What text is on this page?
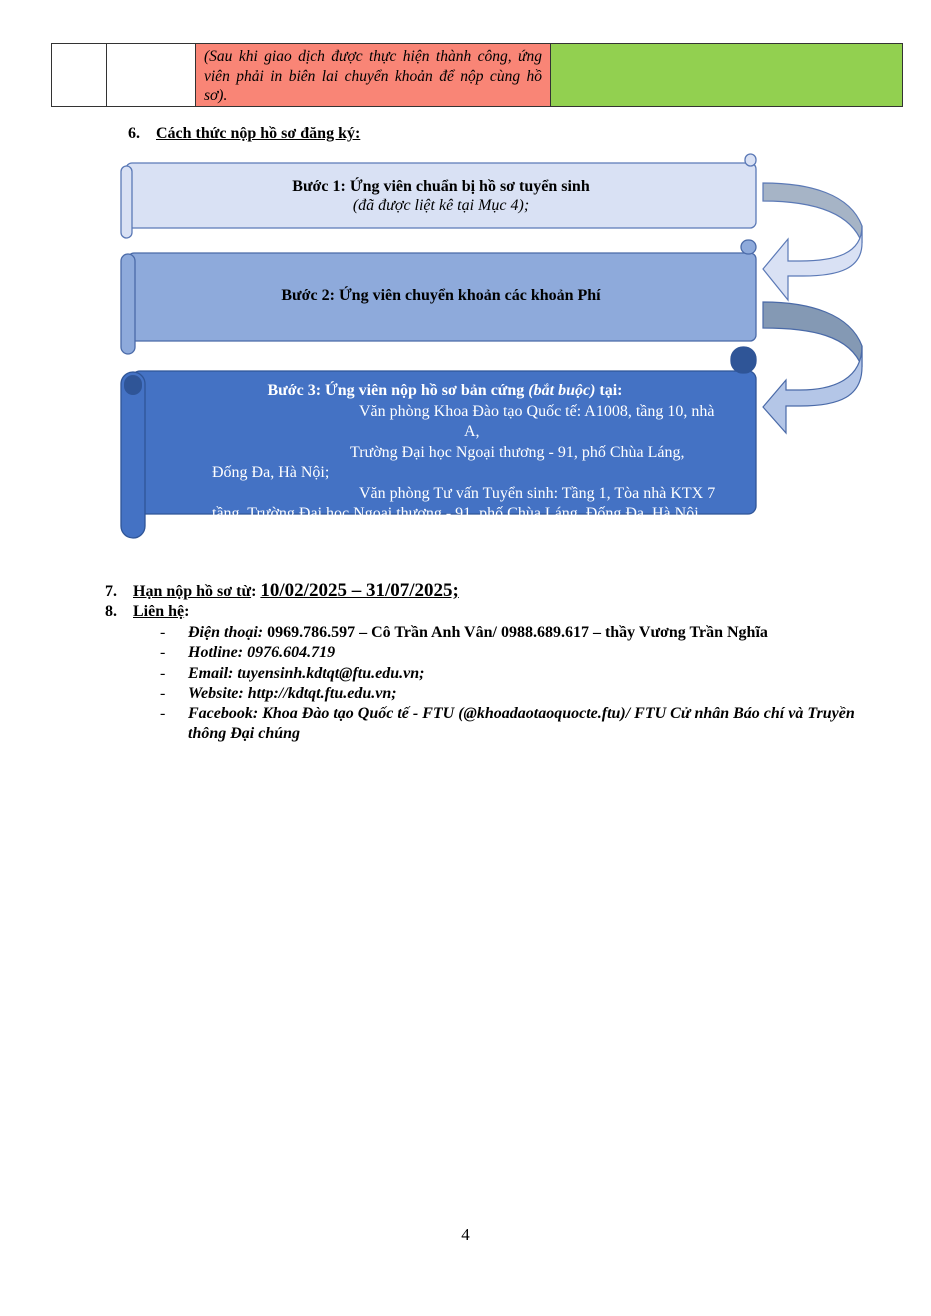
		(Sau khi giao dịch được thực hiện thành công, ứng viên phải in biên lai chuyển khoản để nộp cùng hồ sơ).	
6. Cách thức nộp hồ sơ đăng ký:
Bước 1: Ứng viên chuẩn bị hồ sơ tuyển sinh
(đã được liệt kê tại Mục 4);
Bước 2: Ứng viên chuyển khoản các khoản Phí
Bước 3: Ứng viên nộp hồ sơ bản cứng (bắt buộc) tại:
Văn phòng Khoa Đào tạo Quốc tế: A1008, tầng 10, nhà
A,
Trường Đại học Ngoại thương - 91, phố Chùa Láng,
Đống Đa, Hà Nội;
Văn phòng Tư vấn Tuyển sinh: Tầng 1, Tòa nhà KTX 7
tầng, Trường Đại học Ngoại thương - 91, phố Chùa Láng, Đống Đa, Hà Nội
7. Hạn nộp hồ sơ từ: 10/02/2025 – 31/07/2025;
8. Liên hệ:
- Điện thoại: 0969.786.597 – Cô Trần Anh Vân/ 0988.689.617 – thầy Vương Trần Nghĩa
- Hotline: 0976.604.719
- Email: tuyensinh.kdtqt@ftu.edu.vn;
- Website: http://kdtqt.ftu.edu.vn;
- Facebook: Khoa Đào tạo Quốc tế - FTU (@khoadaotaoquocte.ftu)/ FTU Cử nhân Báo chí và Truyền thông Đại chúng
4
